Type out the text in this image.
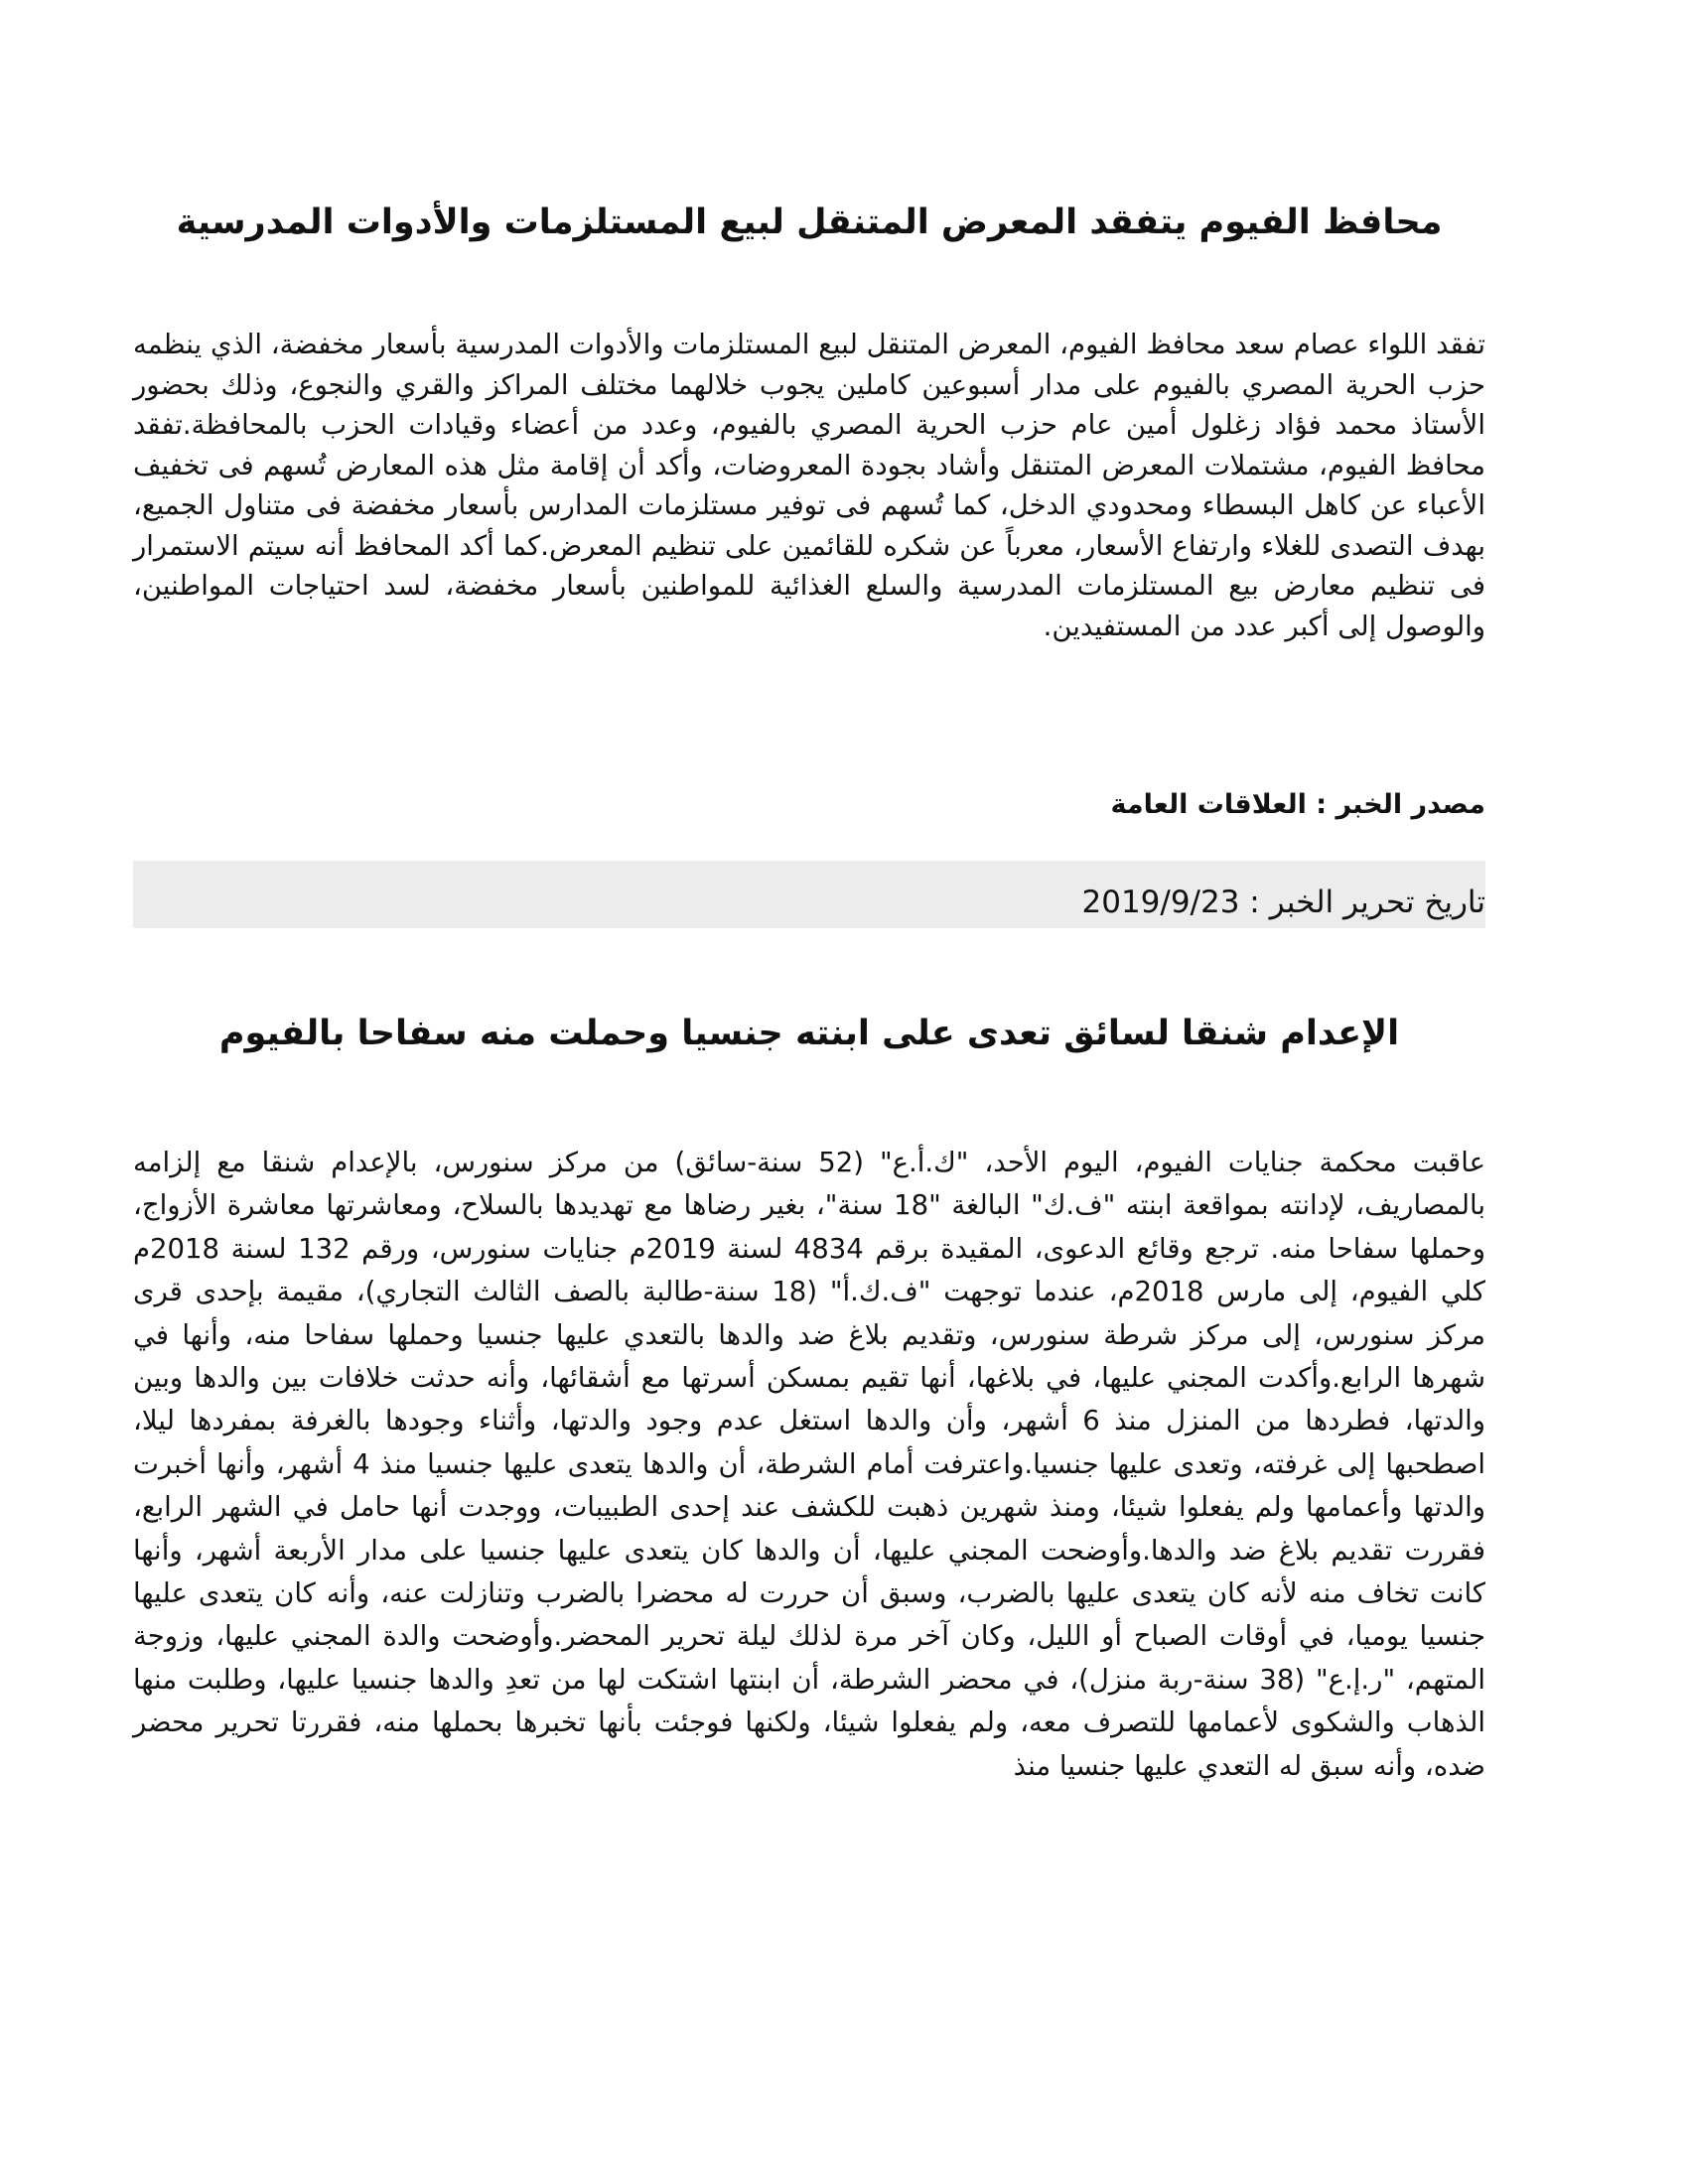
محافظ الفيوم يتفقد المعرض المتنقل لبيع المستلزمات والأدوات المدرسية

تفقد اللواء عصام سعد محافظ الفيوم، المعرض المتنقل لبيع المستلزمات والأدوات المدرسية بأسعار مخفضة، الذي ينظمه حزب الحرية المصري بالفيوم على مدار أسبوعين كاملين يجوب خلالهما مختلف المراكز والقري والنجوع، وذلك بحضور الأستاذ محمد فؤاد زغلول أمين عام حزب الحرية المصري بالفيوم، وعدد من أعضاء وقيادات الحزب بالمحافظة.تفقد محافظ الفيوم، مشتملات المعرض المتنقل وأشاد بجودة المعروضات، وأكد أن إقامة مثل هذه المعارض تُسهم فى تخفيف الأعباء عن كاهل البسطاء ومحدودي الدخل، كما تُسهم فى توفير مستلزمات المدارس بأسعار مخفضة فى متناول الجميع، بهدف التصدى للغلاء وارتفاع الأسعار، معرباً عن شكره للقائمين على تنظيم المعرض.كما أكد المحافظ أنه سيتم الاستمرار فى تنظيم معارض بيع المستلزمات المدرسية والسلع الغذائية للمواطنين بأسعار مخفضة، لسد احتياجات المواطنين، والوصول إلى أكبر عدد من المستفيدين.

مصدر الخبر : العلاقات العامة

تاريخ تحرير الخبر : 2019/9/23
الإعدام شنقا لسائق تعدى على ابنته جنسيا وحملت منه سفاحا بالفيوم

عاقبت محكمة جنايات الفيوم، اليوم الأحد، "ك.أ.ع" (52 سنة-سائق) من مركز سنورس، بالإعدام شنقا مع إلزامه بالمصاريف، لإدانته بمواقعة ابنته "ف.ك" البالغة "18 سنة"، بغير رضاها مع تهديدها بالسلاح، ومعاشرتها معاشرة الأزواج، وحملها سفاحا منه. ترجع وقائع الدعوى، المقيدة برقم 4834 لسنة 2019م جنايات سنورس، ورقم 132 لسنة 2018م كلي الفيوم، إلى مارس 2018م، عندما توجهت "ف.ك.أ" (18 سنة-طالبة بالصف الثالث التجاري)، مقيمة بإحدى قرى مركز سنورس، إلى مركز شرطة سنورس، وتقديم بلاغ ضد والدها بالتعدي عليها جنسيا وحملها سفاحا منه، وأنها في شهرها الرابع.وأكدت المجني عليها، في بلاغها، أنها تقيم بمسكن أسرتها مع أشقائها، وأنه حدثت خلافات بين والدها وبين والدتها، فطردها من المنزل منذ 6 أشهر، وأن والدها استغل عدم وجود والدتها، وأثناء وجودها بالغرفة بمفردها ليلا، اصطحبها إلى غرفته، وتعدى عليها جنسيا.واعترفت أمام الشرطة، أن والدها يتعدى عليها جنسيا منذ 4 أشهر، وأنها أخبرت والدتها وأعمامها ولم يفعلوا شيئا، ومنذ شهرين ذهبت للكشف عند إحدى الطبيبات، ووجدت أنها حامل في الشهر الرابع، فقررت تقديم بلاغ ضد والدها.وأوضحت المجني عليها، أن والدها كان يتعدى عليها جنسيا على مدار الأربعة أشهر، وأنها كانت تخاف منه لأنه كان يتعدى عليها بالضرب، وسبق أن حررت له محضرا بالضرب وتنازلت عنه، وأنه كان يتعدى عليها جنسيا يوميا، في أوقات الصباح أو الليل، وكان آخر مرة لذلك ليلة تحرير المحضر.وأوضحت والدة المجني عليها، وزوجة المتهم، "ر.إ.ع" (38 سنة-ربة منزل)، في محضر الشرطة، أن ابنتها اشتكت لها من تعدِ والدها جنسيا عليها، وطلبت منها الذهاب والشكوى لأعمامها للتصرف معه، ولم يفعلوا شيئا، ولكنها فوجئت بأنها تخبرها بحملها منه، فقررتا تحرير محضر ضده، وأنه سبق له التعدي عليها جنسيا منذ
